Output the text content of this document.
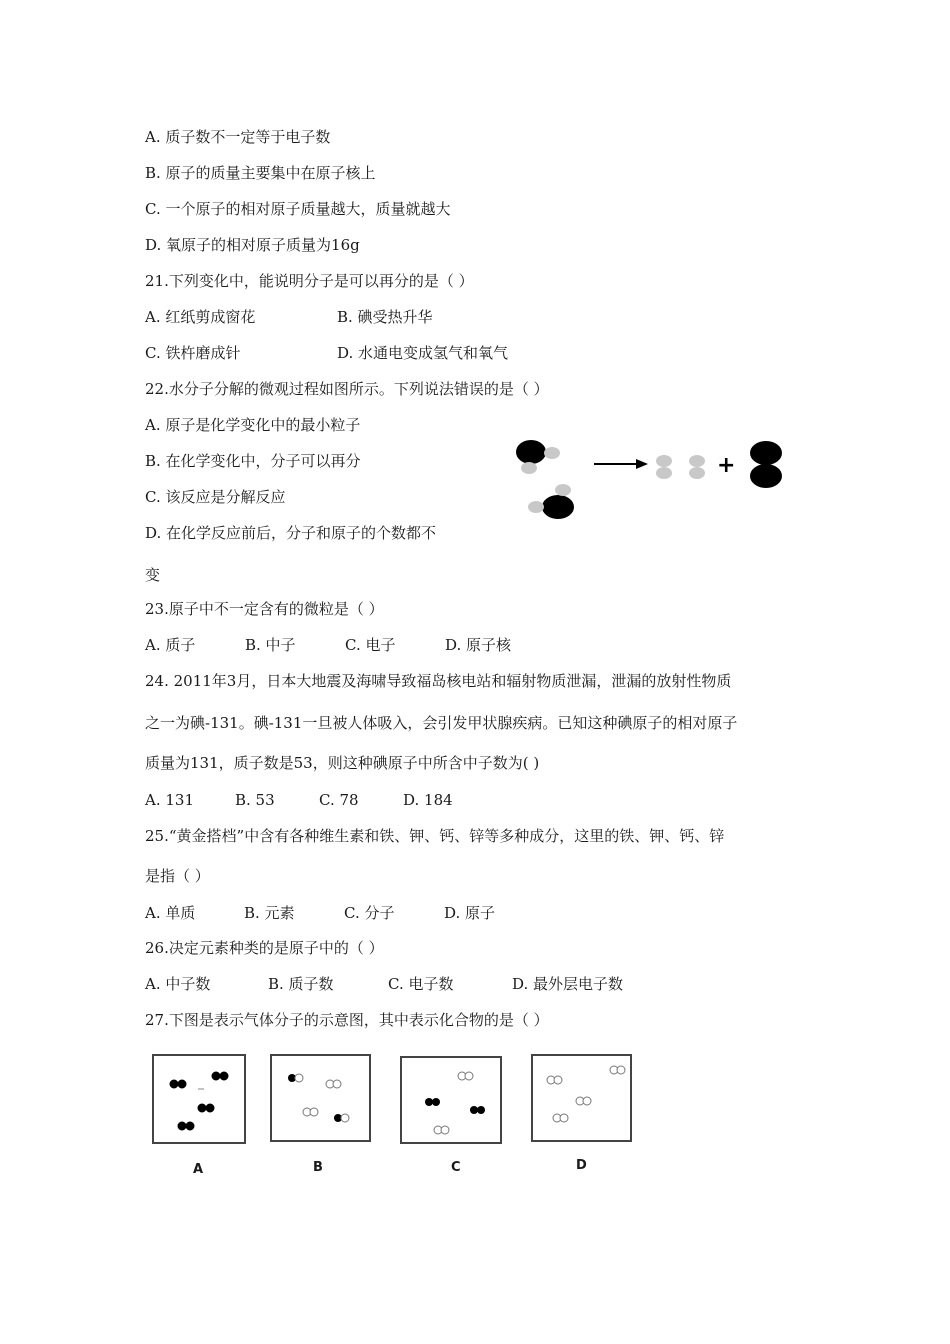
A. 质子数不一定等于电子数
B. 原子的质量主要集中在原子核上
C. 一个原子的相对原子质量越大，质量就越大
D. 氧原子的相对原子质量为16g
21.下列变化中，能说明分子是可以再分的是（ ）
A. 红纸剪成窗花	B. 碘受热升华
C. 铁杵磨成针	D. 水通电变成氢气和氧气
22.水分子分解的微观过程如图所示。下列说法错误的是（ ）
A. 原子是化学变化中的最小粒子
B. 在化学变化中，分子可以再分
C. 该反应是分解反应
D. 在化学反应前后，分子和原子的个数都不
变
+
23.原子中不一定含有的微粒是（ ）
A. 质子	B. 中子	C. 电子	D. 原子核
24. 2011年3月，日本大地震及海啸导致福岛核电站和辐射物质泄漏，泄漏的放射性物质
之一为碘-131。碘-131一旦被人体吸入，会引发甲状腺疾病。已知这种碘原子的相对原子
质量为131，质子数是53，则这种碘原子中所含中子数为( )
A. 131	B. 53	C. 78	D. 184
25.“黄金搭档”中含有各种维生素和铁、钾、钙、锌等多种成分，这里的铁、钾、钙、锌
是指（ ）
A. 单质	B. 元素	C. 分子	D. 原子
26.决定元素种类的是原子中的（ ）
A. 中子数	B. 质子数	C. 电子数	D. 最外层电子数
27.下图是表示气体分子的示意图，其中表示化合物的是（ ）
A	B	C	D
